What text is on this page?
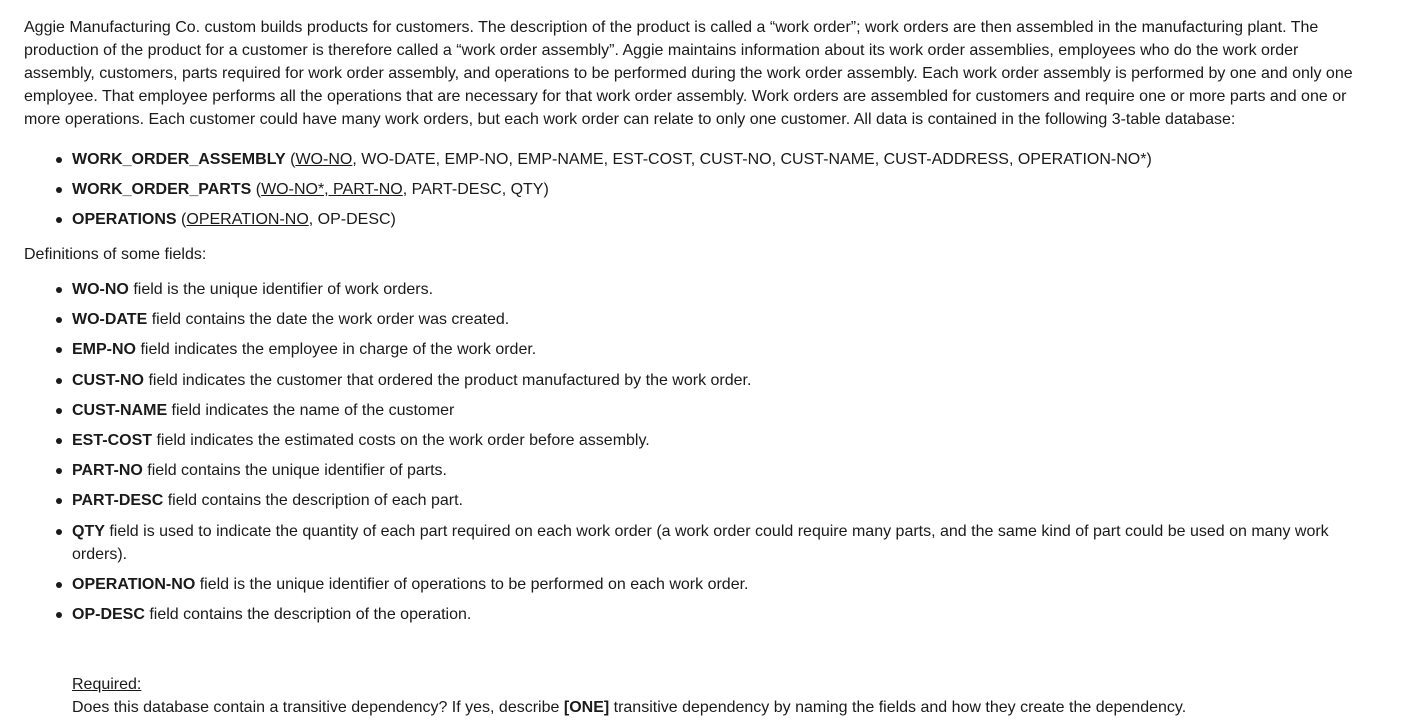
Aggie Manufacturing Co. custom builds products for customers. The description of the product is called a “work order”; work orders are then assembled in the manufacturing plant. The production of the product for a customer is therefore called a “work order assembly”. Aggie maintains information about its work order assemblies, employees who do the work order assembly, customers, parts required for work order assembly, and operations to be performed during the work order assembly. Each work order assembly is performed by one and only one employee. That employee performs all the operations that are necessary for that work order assembly. Work orders are assembled for customers and require one or more parts and one or more operations. Each customer could have many work orders, but each work order can relate to only one customer. All data is contained in the following 3-table database:

WORK_ORDER_ASSEMBLY (WO-NO, WO-DATE, EMP-NO, EMP-NAME, EST-COST, CUST-NO, CUST-NAME, CUST-ADDRESS, OPERATION-NO*)
WORK_ORDER_PARTS (WO-NO*, PART-NO, PART-DESC, QTY)
OPERATIONS (OPERATION-NO, OP-DESC)
Definitions of some fields:
WO-NO field is the unique identifier of work orders.
WO-DATE field contains the date the work order was created.
EMP-NO field indicates the employee in charge of the work order.
CUST-NO field indicates the customer that ordered the product manufactured by the work order.
CUST-NAME field indicates the name of the customer
EST-COST field indicates the estimated costs on the work order before assembly.
PART-NO field contains the unique identifier of parts.
PART-DESC field contains the description of each part.
QTY field is used to indicate the quantity of each part required on each work order (a work order could require many parts, and the same kind of part could be used on many work orders).
OPERATION-NO field is the unique identifier of operations to be performed on each work order.
OP-DESC field contains the description of the operation.
Required:
Does this database contain a transitive dependency? If yes, describe [ONE] transitive dependency by naming the fields and how they create the dependency.
